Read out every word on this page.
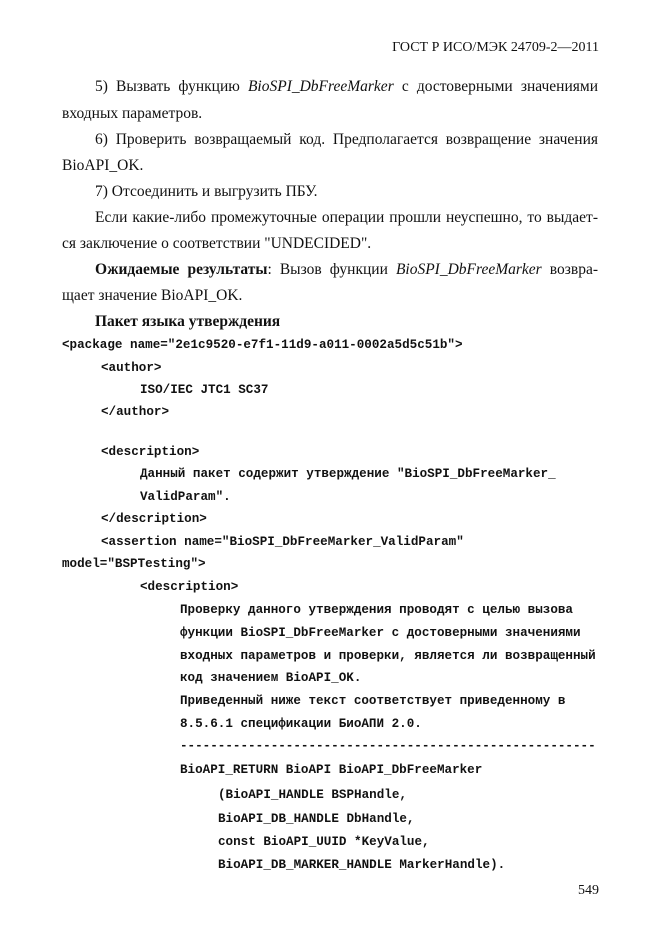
ГОСТ Р ИСО/МЭК 24709-2—2011
5) Вызвать функцию BioSPI_DbFreeMarker с достоверными значениями
входных параметров.
6) Проверить возвращаемый код. Предполагается возвращение значения
BioAPI_OK.
7) Отсоединить и выгрузить ПБУ.
Если какие-либо промежуточные операции прошли неуспешно, то выдает-
ся заключение о соответствии "UNDECIDED".
Ожидаемые результаты: Вызов функции BioSPI_DbFreeMarker возвра-
щает значение BioAPI_OK.
Пакет языка утверждения
<package name="2e1c9520-e7f1-11d9-a011-0002a5d5c51b">
<author>
ISO/IEC JTC1 SC37
</author>
<description>
Данный пакет содержит утверждение "BioSPI_DbFreeMarker_
ValidParam".
</description>
<assertion name="BioSPI_DbFreeMarker_ValidParam"
model="BSPTesting">
<description>
Проверку данного утверждения проводят с целью вызова
функции BioSPI_DbFreeMarker с достоверными значениями
входных параметров и проверки, является ли возвращенный
код значением BioAPI_OK.
Приведенный ниже текст соответствует приведенному в
8.5.6.1 спецификации БиоАПИ 2.0.
-------------------------------------------------------
BioAPI_RETURN BioAPI BioAPI_DbFreeMarker
(BioAPI_HANDLE BSPHandle,
BioAPI_DB_HANDLE DbHandle,
const BioAPI_UUID *KeyValue,
BioAPI_DB_MARKER_HANDLE MarkerHandle).
549
